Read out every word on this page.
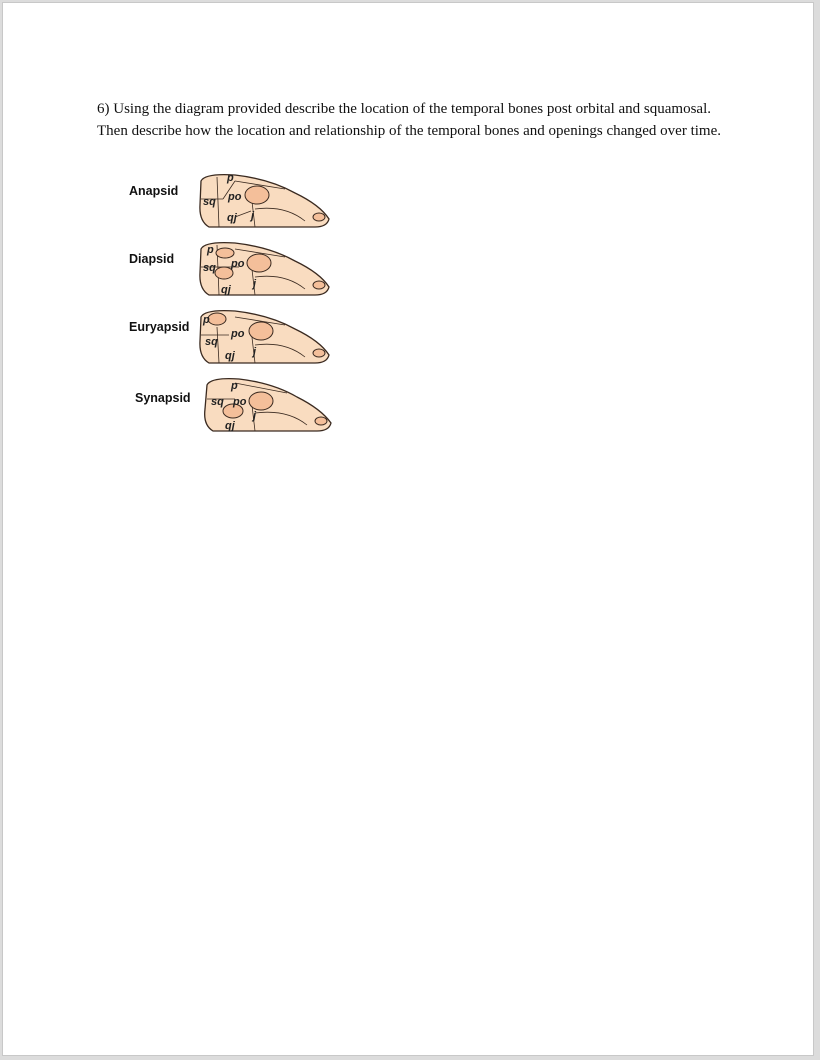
6) Using the diagram provided describe the location of the temporal bones post orbital and squamosal. Then describe how the location and relationship of the temporal bones and openings changed over time.

Anapsid
p
sq po
qj j
Diapsid
p
sq po
qj j
Euryapsid p
sq
po
qj j
Synapsid
p
sq po
qj
j
